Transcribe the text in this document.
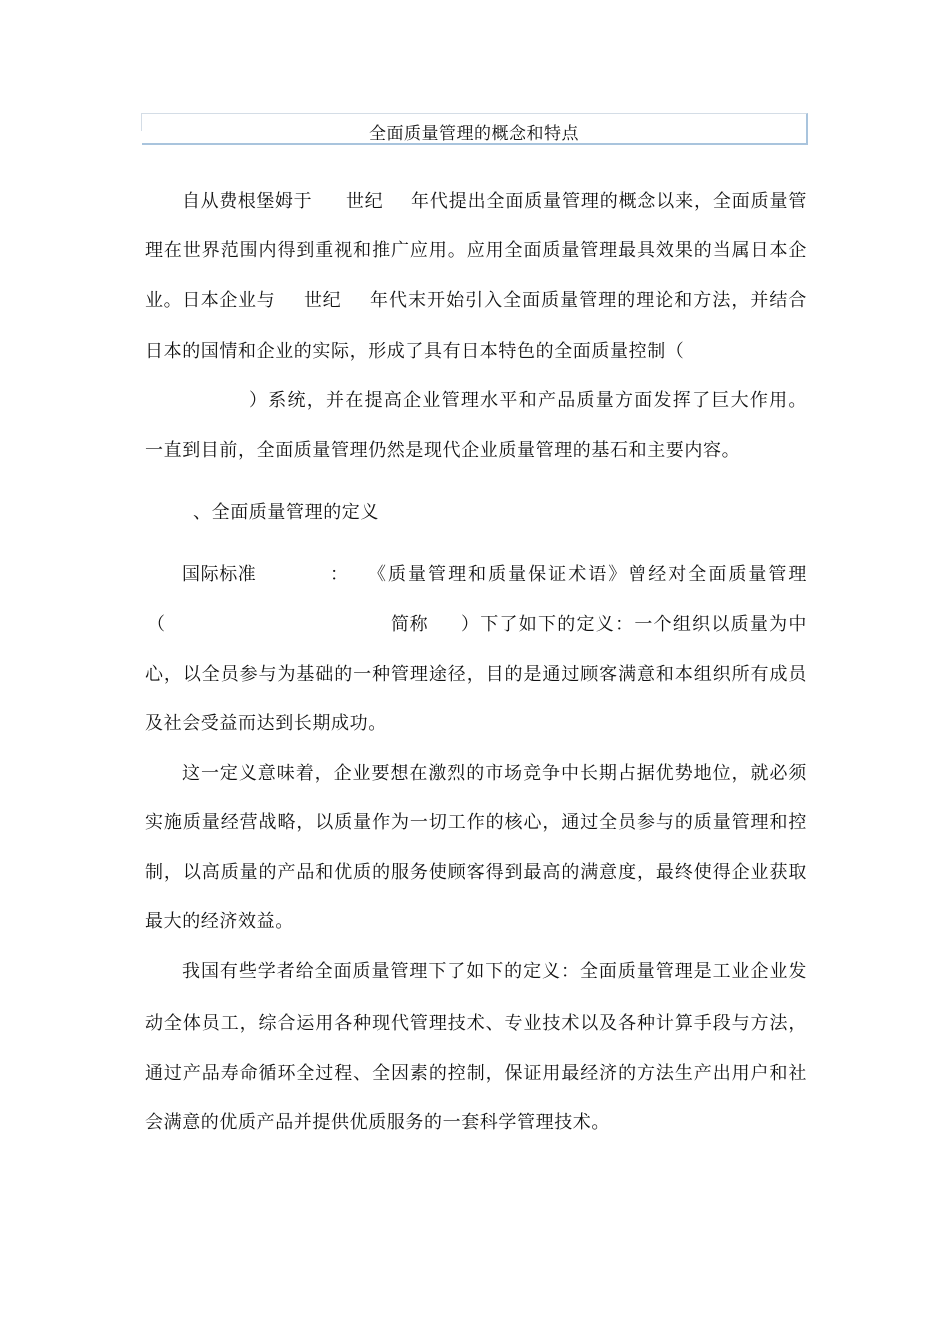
全面质量管理的概念和特点
自从费根堡姆于 世纪 年代提出全面质量管理的概念以来，全面质量管
理在世界范围内得到重视和推广应用。应用全面质量管理最具效果的当属日本企
业。日本企业与 世纪 年代末开始引入全面质量管理的理论和方法，并结合
日本的国情和企业的实际，形成了具有日本特色的全面质量控制（
）系统，并在提高企业管理水平和产品质量方面发挥了巨大作用。
一直到目前，全面质量管理仍然是现代企业质量管理的基石和主要内容。
、全面质量管理的定义
国际标准	： 《质量管理和质量保证术语》曾经对全面质量管理
（	简称 ）下了如下的定义：一个组织以质量为中
心，以全员参与为基础的一种管理途径，目的是通过顾客满意和本组织所有成员
及社会受益而达到长期成功。
这一定义意味着，企业要想在激烈的市场竞争中长期占据优势地位，就必须
实施质量经营战略，以质量作为一切工作的核心，通过全员参与的质量管理和控
制，以高质量的产品和优质的服务使顾客得到最高的满意度，最终使得企业获取
最大的经济效益。
我国有些学者给全面质量管理下了如下的定义：全面质量管理是工业企业发
动全体员工，综合运用各种现代管理技术、专业技术以及各种计算手段与方法，
通过产品寿命循环全过程、全因素的控制，保证用最经济的方法生产出用户和社
会满意的优质产品并提供优质服务的一套科学管理技术。
